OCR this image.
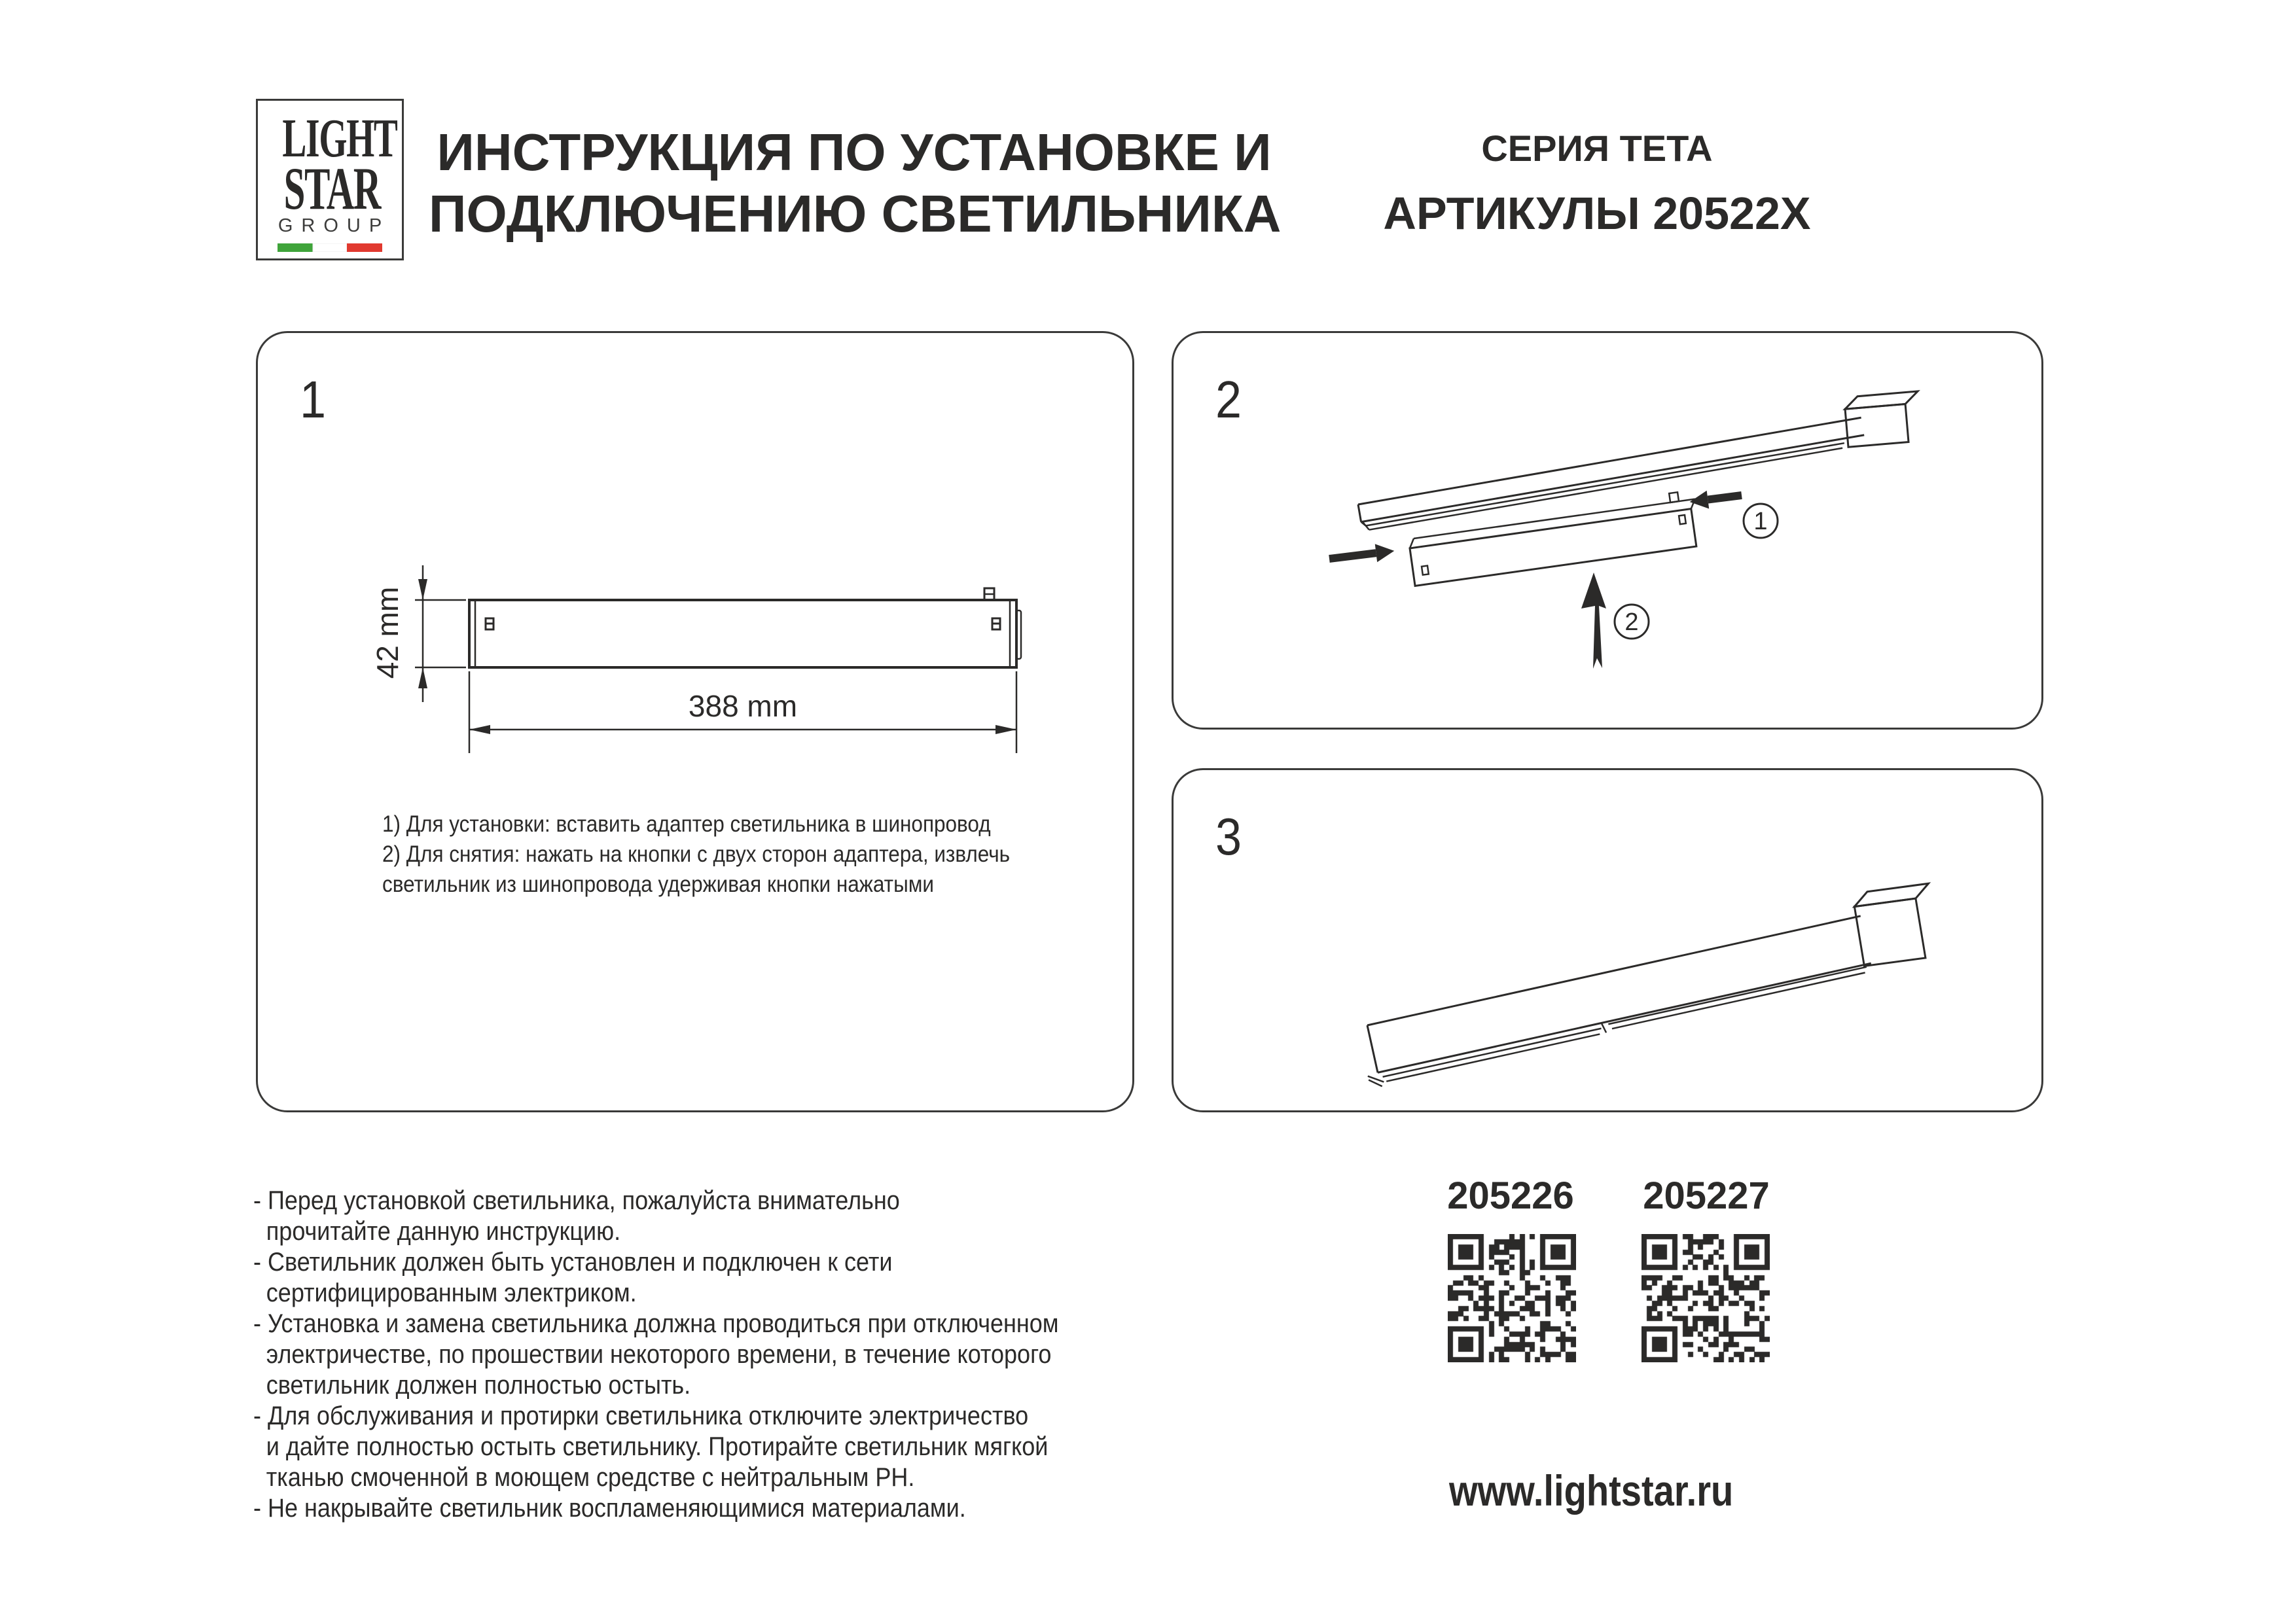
LIGHT
STAR
GROUP
ИНСТРУКЦИЯ ПО УСТАНОВКЕ И
ПОДКЛЮЧЕНИЮ СВЕТИЛЬНИКА
СЕРИЯ TETA
АРТИКУЛЫ 20522X
1
42 mm
388 mm
1) Для установки: вставить адаптер светильника в шинопровод
2) Для снятия: нажать на кнопки с двух сторон адаптера, извлечь
светильник из шинопровода удерживая кнопки нажатыми
2
1
2
3
- Перед установкой светильника, пожалуйста внимательно
прочитайте данную инструкцию.
- Светильник должен быть установлен и подключен к сети
сертифицированным электриком.
- Установка и замена светильника должна проводиться при отключенном
электричестве, по прошествии некоторого времени, в течение которого
светильник должен полностью остыть.
- Для обслуживания и протирки светильника отключите электричество
и дайте полностью остыть светильнику. Протирайте светильник мягкой
тканью смоченной в моющем средстве с нейтральным PH.
- Не накрывайте светильник воспламеняющимися материалами.
205226	205227
www.lightstar.ru
